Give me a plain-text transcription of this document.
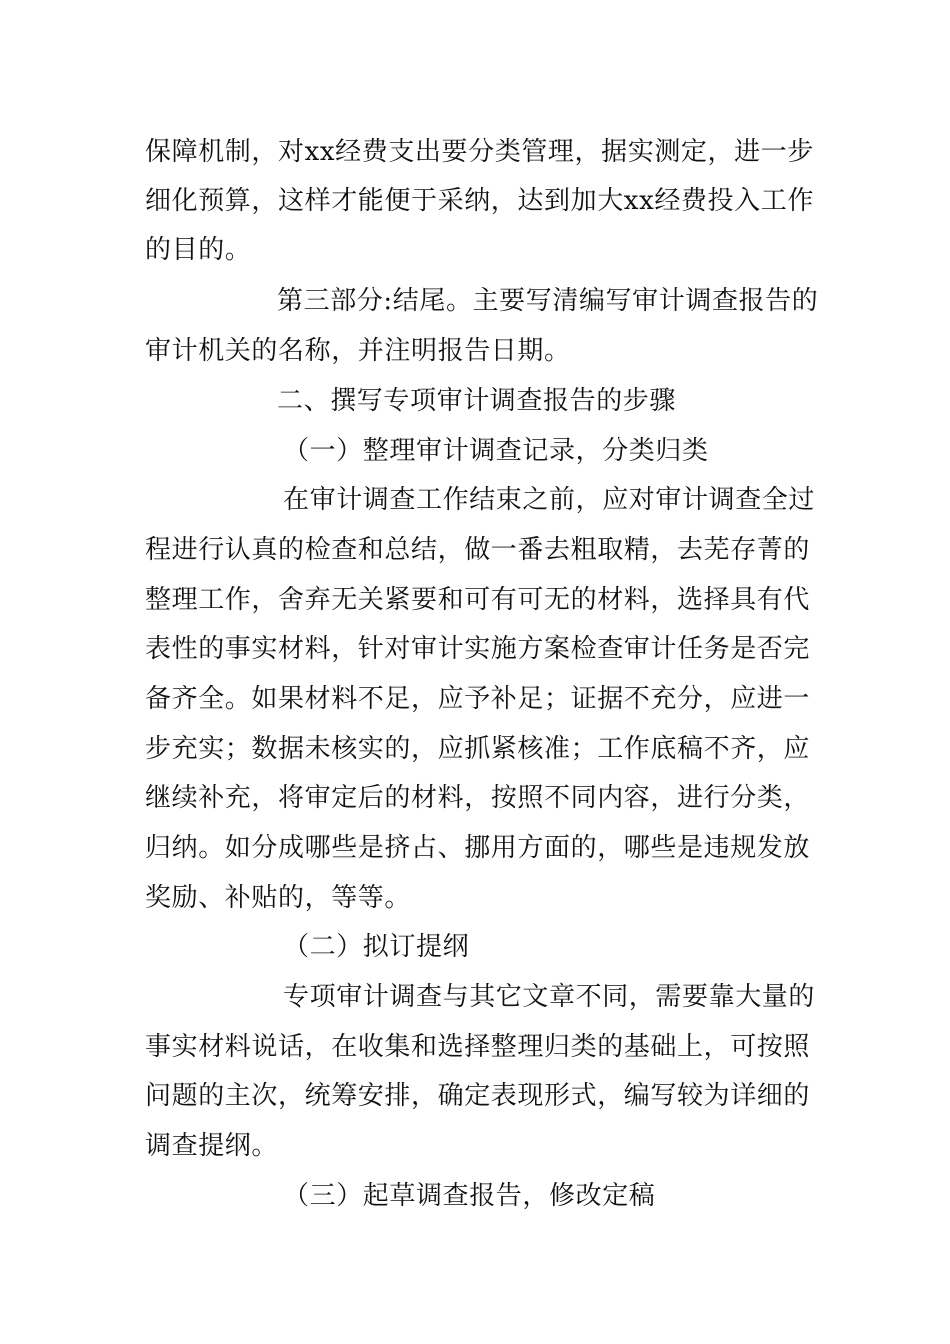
保障机制，对xx经费支出要分类管理，据实测定，进一步
细化预算，这样才能便于采纳，达到加大xx经费投入工作
的目的。
第三部分:结尾。主要写清编写审计调查报告的
审计机关的名称，并注明报告日期。
二、撰写专项审计调查报告的步骤
（一）整理审计调查记录，分类归类
在审计调查工作结束之前，应对审计调查全过
程进行认真的检查和总结，做一番去粗取精，去芜存菁的
整理工作，舍弃无关紧要和可有可无的材料，选择具有代
表性的事实材料，针对审计实施方案检查审计任务是否完
备齐全。如果材料不足，应予补足；证据不充分，应进一
步充实；数据未核实的，应抓紧核准；工作底稿不齐，应
继续补充，将审定后的材料，按照不同内容，进行分类，
归纳。如分成哪些是挤占、挪用方面的，哪些是违规发放
奖励、补贴的，等等。
（二）拟订提纲
专项审计调查与其它文章不同，需要靠大量的
事实材料说话，在收集和选择整理归类的基础上，可按照
问题的主次，统筹安排，确定表现形式，编写较为详细的
调查提纲。
（三）起草调查报告，修改定稿
